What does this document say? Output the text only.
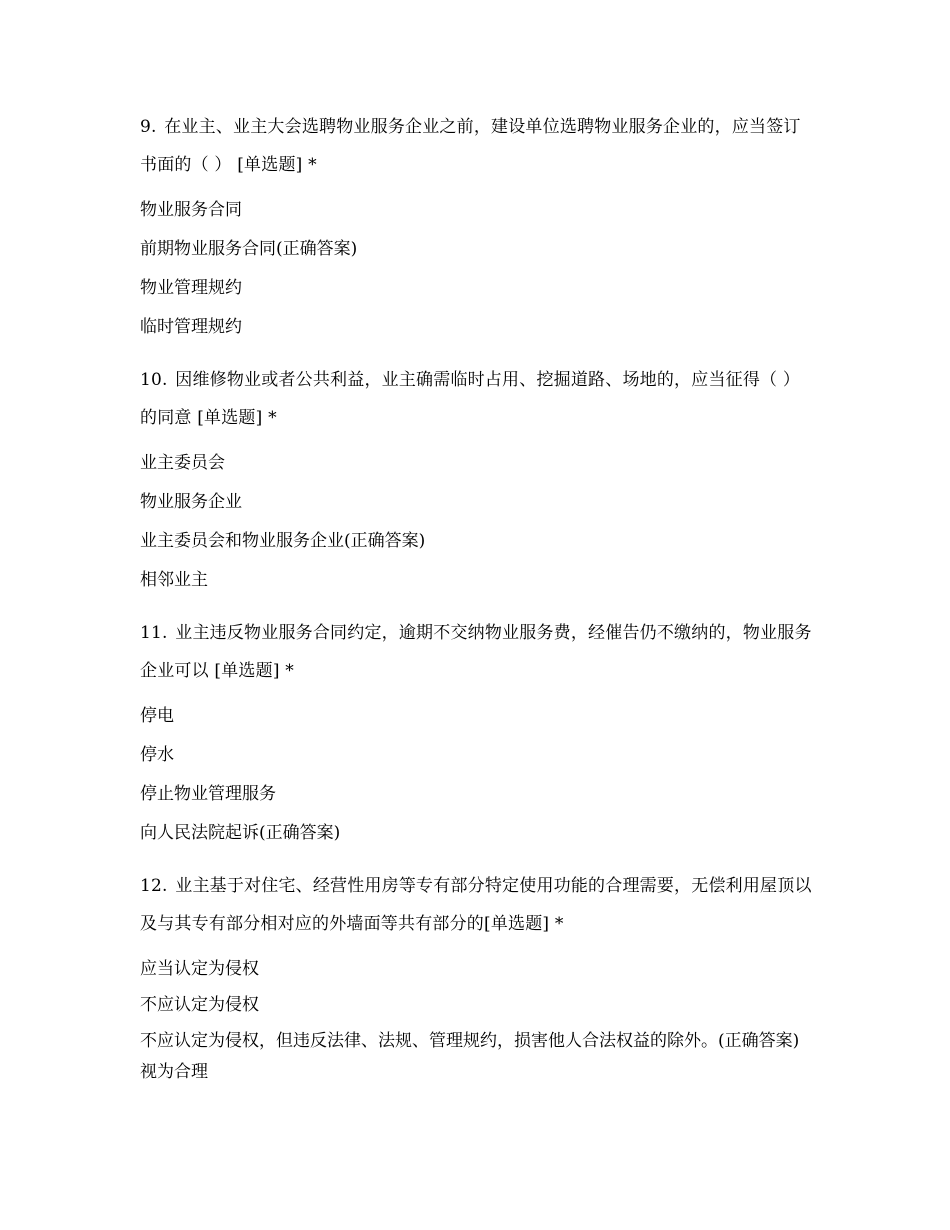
9. 在业主、业主大会选聘物业服务企业之前，建设单位选聘物业服务企业的，应当签订书面的（ ） [单选题] *

物业服务合同
前期物业服务合同(正确答案)
物业管理规约
临时管理规约

10. 因维修物业或者公共利益，业主确需临时占用、挖掘道路、场地的，应当征得（ ）的同意 [单选题] *

业主委员会
物业服务企业
业主委员会和物业服务企业(正确答案)
相邻业主

11. 业主违反物业服务合同约定，逾期不交纳物业服务费，经催告仍不缴纳的，物业服务企业可以 [单选题] *

停电
停水
停止物业管理服务
向人民法院起诉(正确答案)

12. 业主基于对住宅、经营性用房等专有部分特定使用功能的合理需要，无偿利用屋顶以及与其专有部分相对应的外墙面等共有部分的[单选题] *

应当认定为侵权
不应认定为侵权
不应认定为侵权，但违反法律、法规、管理规约，损害他人合法权益的除外。(正确答案)
视为合理
